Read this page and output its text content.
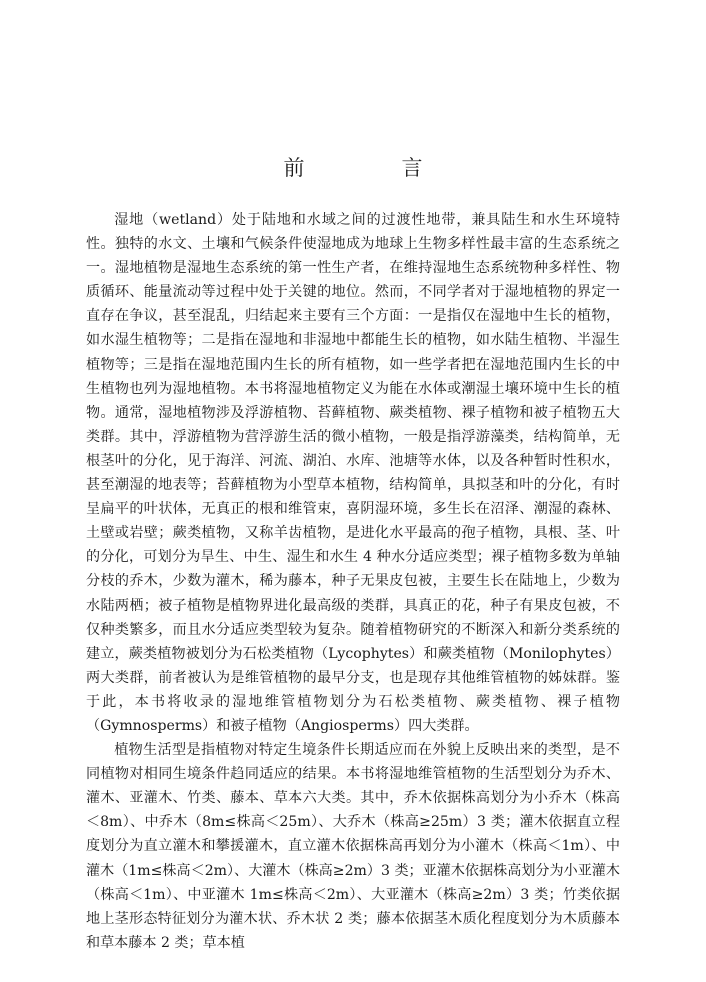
前　言

湿地（wetland）处于陆地和水域之间的过渡性地带，兼具陆生和水生环境特性。独特的水文、土壤和气候条件使湿地成为地球上生物多样性最丰富的生态系统之一。湿地植物是湿地生态系统的第一性生产者，在维持湿地生态系统物种多样性、物质循环、能量流动等过程中处于关键的地位。然而，不同学者对于湿地植物的界定一直存在争议，甚至混乱，归结起来主要有三个方面：一是指仅在湿地中生长的植物，如水湿生植物等；二是指在湿地和非湿地中都能生长的植物，如水陆生植物、半湿生植物等；三是指在湿地范围内生长的所有植物，如一些学者把在湿地范围内生长的中生植物也列为湿地植物。本书将湿地植物定义为能在水体或潮湿土壤环境中生长的植物。通常，湿地植物涉及浮游植物、苔藓植物、蕨类植物、裸子植物和被子植物五大类群。其中，浮游植物为营浮游生活的微小植物，一般是指浮游藻类，结构简单，无根茎叶的分化，见于海洋、河流、湖泊、水库、池塘等水体，以及各种暂时性积水，甚至潮湿的地表等；苔藓植物为小型草本植物，结构简单，具拟茎和叶的分化，有时呈扁平的叶状体，无真正的根和维管束，喜阴湿环境，多生长在沼泽、潮湿的森林、土壁或岩壁；蕨类植物，又称羊齿植物，是进化水平最高的孢子植物，具根、茎、叶的分化，可划分为旱生、中生、湿生和水生 4 种水分适应类型；裸子植物多数为单轴分枝的乔木，少数为灌木，稀为藤本，种子无果皮包被，主要生长在陆地上，少数为水陆两栖；被子植物是植物界进化最高级的类群，具真正的花，种子有果皮包被，不仅种类繁多，而且水分适应类型较为复杂。随着植物研究的不断深入和新分类系统的建立，蕨类植物被划分为石松类植物（Lycophytes）和蕨类植物（Monilophytes）两大类群，前者被认为是维管植物的最早分支，也是现存其他维管植物的姊妹群。鉴于此，本书将收录的湿地维管植物划分为石松类植物、蕨类植物、裸子植物（Gymnosperms）和被子植物（Angiosperms）四大类群。

植物生活型是指植物对特定生境条件长期适应而在外貌上反映出来的类型，是不同植物对相同生境条件趋同适应的结果。本书将湿地维管植物的生活型划分为乔木、灌木、亚灌木、竹类、藤本、草本六大类。其中，乔木依据株高划分为小乔木（株高＜8m）、中乔木（8m≤株高＜25m）、大乔木（株高≥25m）3 类；灌木依据直立程度划分为直立灌木和攀援灌木，直立灌木依据株高再划分为小灌木（株高＜1m）、中灌木（1m≤株高＜2m）、大灌木（株高≥2m）3 类；亚灌木依据株高划分为小亚灌木（株高＜1m）、中亚灌木 1m≤株高＜2m）、大亚灌木（株高≥2m）3 类；竹类依据地上茎形态特征划分为灌木状、乔木状 2 类；藤本依据茎木质化程度划分为木质藤本和草本藤本 2 类；草本植
